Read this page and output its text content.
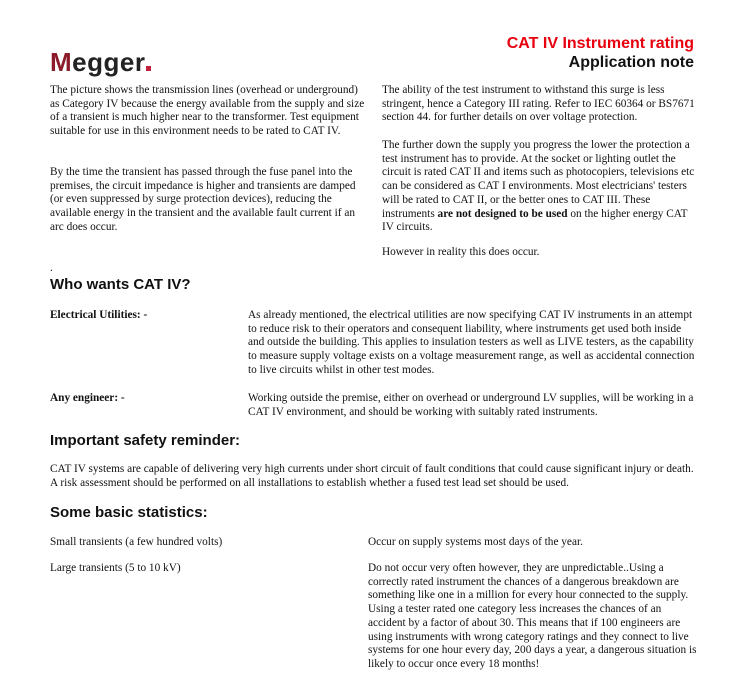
Megger
CAT IV Instrument rating
Application note

The picture shows the transmission lines (overhead or underground) as Category IV because the energy available from the supply and size of a transient is much higher near to the transformer. Test equipment suitable for use in this environment needs to be rated to CAT IV.

By the time the transient has passed through the fuse panel into the premises, the circuit impedance is higher and transients are damped (or even suppressed by surge protection devices), reducing the available energy in the transient and the available fault current if an arc does occur.

The ability of the test instrument to withstand this surge is less stringent, hence a Category III rating. Refer to IEC 60364 or BS7671 section 44. for further details on over voltage protection.

The further down the supply you progress the lower the protection a test instrument has to provide. At the socket or lighting outlet the circuit is rated CAT II and items such as photocopiers, televisions etc can be considered as CAT I environments. Most electricians' testers will be rated to CAT II, or the better ones to CAT III. These instruments are not designed to be used on the higher energy CAT IV circuits.

However in reality this does occur.

.
Who wants CAT IV?
Electrical Utilities: -	As already mentioned, the electrical utilities are now specifying CAT IV instruments in an attempt to reduce risk to their operators and consequent liability, where instruments get used both inside and outside the building. This applies to insulation testers as well as LIVE testers, as the capability to measure supply voltage exists on a voltage measurement range, as well as accidental connection to live circuits whilst in other test modes.

Any engineer: -	Working outside the premise, either on overhead or underground LV supplies, will be working in a CAT IV environment, and should be working with suitably rated instruments.

Important safety reminder:

CAT IV systems are capable of delivering very high currents under short circuit of fault conditions that could cause significant injury or death. A risk assessment should be performed on all installations to establish whether a fused test lead set should be used.

Some basic statistics:
Small transients (a few hundred volts)	Occur on supply systems most days of the year.

Large transients (5 to 10 kV)	Do not occur very often however, they are unpredictable..Using a correctly rated instrument the chances of a dangerous breakdown are something like one in a million for every hour connected to the supply. Using a tester rated one category less increases the chances of an accident by a factor of about 30. This means that if 100 engineers are using instruments with wrong category ratings and they connect to live systems for one hour every day, 200 days a year, a dangerous situation is likely to occur once every 18 months!
